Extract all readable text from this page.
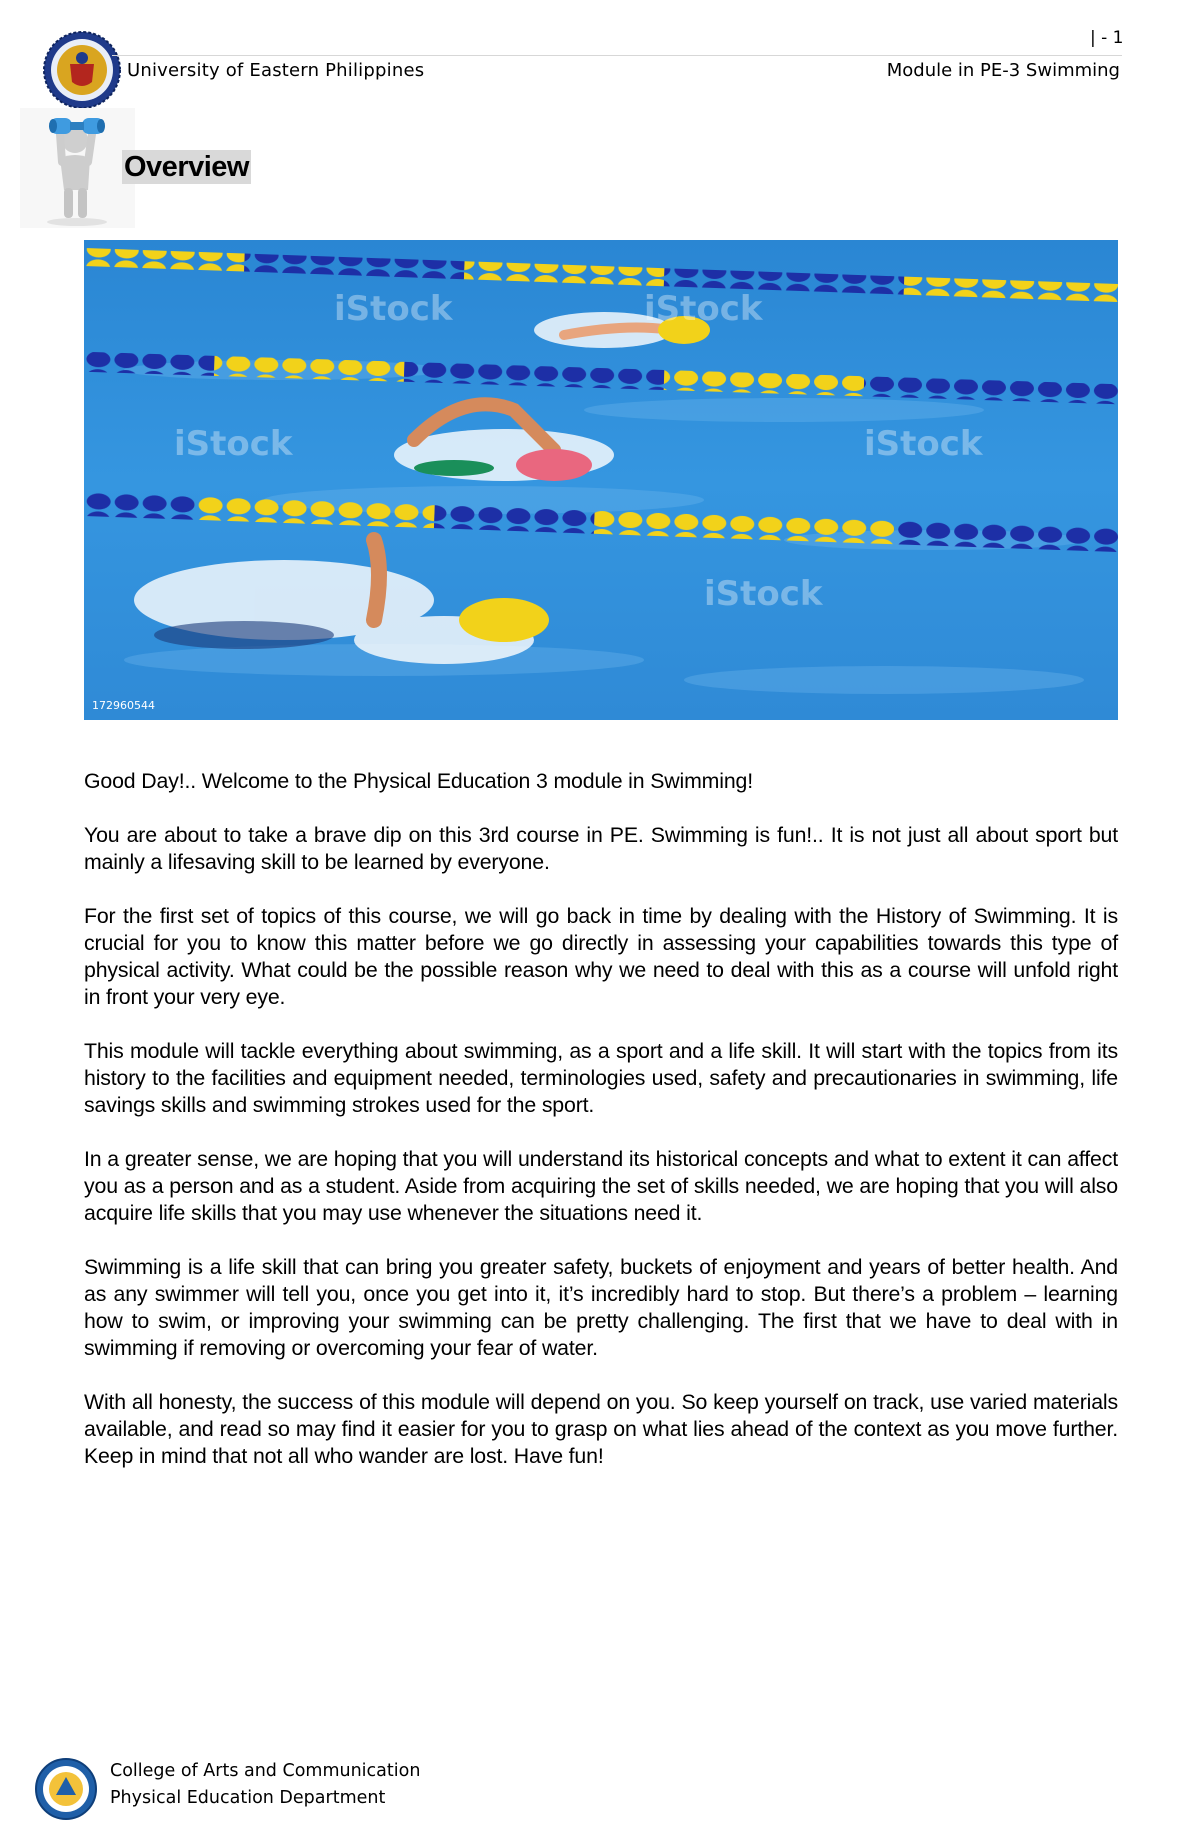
| - 1
University of Eastern Philippines	Module in PE-3 Swimming
Overview
iStock	iStock
iStock	iStock
iStock
172960544

Good Day!.. Welcome to the Physical Education 3 module in Swimming!

You are about to take a brave dip on this 3rd course in PE. Swimming is fun!.. It is not just all about sport but mainly a lifesaving skill to be learned by everyone.

For the first set of topics of this course, we will go back in time by dealing with the History of Swimming. It is crucial for you to know this matter before we go directly in assessing your capabilities towards this type of physical activity. What could be the possible reason why we need to deal with this as a course will unfold right in front your very eye.

This module will tackle everything about swimming, as a sport and a life skill. It will start with the topics from its history to the facilities and equipment needed, terminologies used, safety and precautionaries in swimming, life savings skills and swimming strokes used for the sport.

In a greater sense, we are hoping that you will understand its historical concepts and what to extent it can affect you as a person and as a student. Aside from acquiring the set of skills needed, we are hoping that you will also acquire life skills that you may use whenever the situations need it.

Swimming is a life skill that can bring you greater safety, buckets of enjoyment and years of better health. And as any swimmer will tell you, once you get into it, it’s incredibly hard to stop. But there’s a problem – learning how to swim, or improving your swimming can be pretty challenging. The first that we have to deal with in swimming if removing or overcoming your fear of water.

With all honesty, the success of this module will depend on you. So keep yourself on track, use varied materials available, and read so may find it easier for you to grasp on what lies ahead of the context as you move further. Keep in mind that not all who wander are lost. Have fun!

College of Arts and Communication
Physical Education Department
